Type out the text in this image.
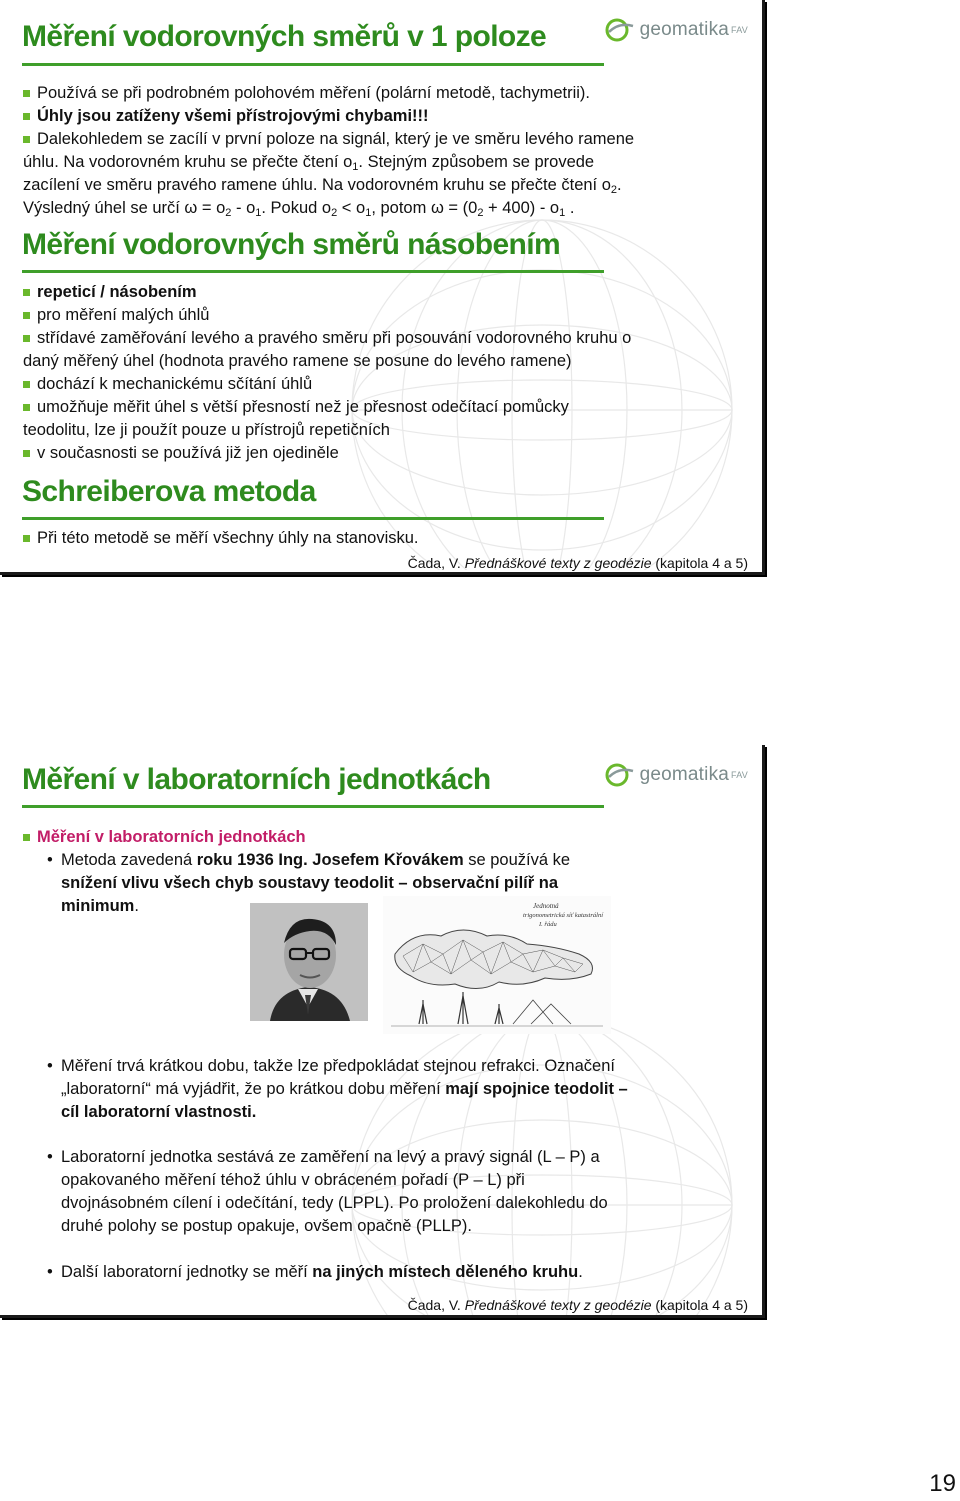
geomatika FAV
Měření vodorovných směrů v 1 poloze
Používá se při podrobném polohovém měření (polární metodě, tachymetrii).
Úhly jsou zatíženy všemi přístrojovými chybami!!!
Dalekohledem se zacílí v první poloze na signál, který je ve směru levého ramene
úhlu. Na vodorovném kruhu se přečte čtení $o_1$. Stejným způsobem se provede
zacílení ve směru pravého ramene úhlu. Na vodorovném kruhu se přečte čtení $o_2$.
Výsledný úhel se určí $\omega = o_2 - o_1$. Pokud $o_2 < o_1$, potom $\omega = (0_2 + 400) - o_1$ .
Měření vodorovných směrů násobením
repeticí / násobením
pro měření malých úhlů
střídavé zaměřování levého a pravého směru při posouvání vodorovného kruhu o
daný měřený úhel (hodnota pravého ramene se posune do levého ramene)
dochází k mechanickému sčítání úhlů
umožňuje měřit úhel s větší přesností než je přesnost odečítací pomůcky
teodolitu, lze ji použít pouze u přístrojů repetičních
v současnosti se používá již jen ojediněle
Schreiberova metoda
Při této metodě se měří všechny úhly na stanovisku.
Čada, V. Přednáškové texty z geodézie (kapitola 4 a 5)
geomatika FAV
Měření v laboratorních jednotkách
Měření v laboratorních jednotkách
• Metoda zavedená roku 1936 Ing. Josefem Křovákem se používá ke
snížení vlivu všech chyb soustavy teodolit – observační pilíř na
minimum.
• Měření trvá krátkou dobu, takže lze předpokládat stejnou refrakci. Označení
„laboratorní“ má vyjádřit, že po krátkou dobu měření mají spojnice teodolit –
cíl laboratorní vlastnosti.
• Laboratorní jednotka sestává ze zaměření na levý a pravý signál (L – P) a
opakovaného měření téhož úhlu v obráceném pořadí (P – L) při
dvojnásobném cílení i odečítání, tedy (LPPL). Po proložení dalekohledu do
druhé polohy se postup opakuje, ovšem opačně (PLLP).
• Další laboratorní jednotky se měří na jiných místech děleného kruhu.
Čada, V. Přednáškové texty z geodézie (kapitola 4 a 5)
Jednotná
trigonometrická síť katastrální
I. řádu
19
